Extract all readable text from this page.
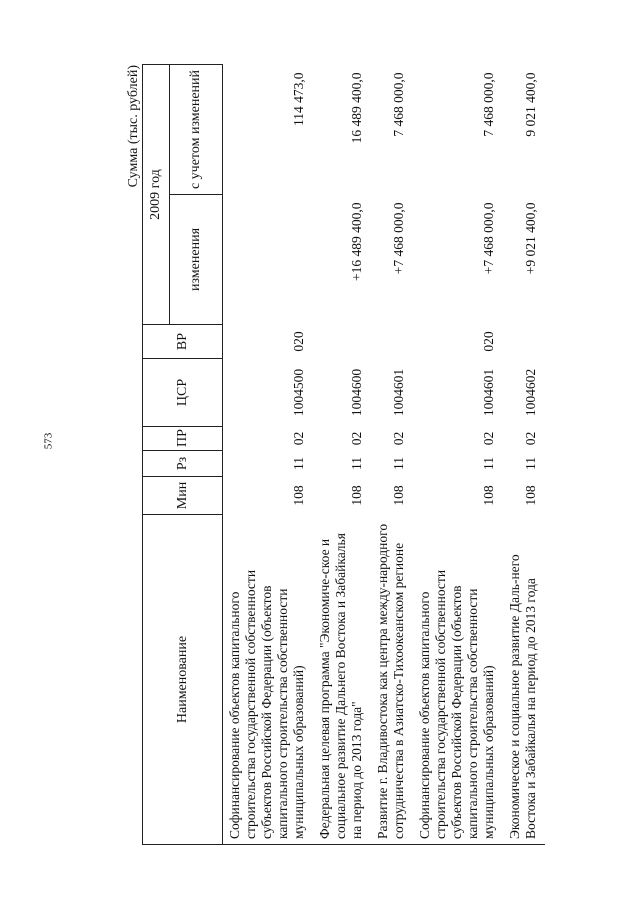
573
Сумма (тыс. рублей)
Наименование	Мин	Рз	ПР	ЦСР	ВР	2009 год	
						изменения	с учетом изменений
Софинансирование объектов капитального строительства государственной собственности субъектов Российской Федерации (объектов капитального строительства собственности муниципальных образований)	108	11	02	1004500	020		114 473,0
Федеральная целевая программа "Экономиче-ское и социальное развитие Дальнего Востока и Забайкалья на период до 2013 года"	108	11	02	1004600		+16 489 400,0	16 489 400,0
Развитие г. Владивостока как центра между-народного сотрудничества в Азиатско-Тихоокеанском регионе	108	11	02	1004601		+7 468 000,0	7 468 000,0
Софинансирование объектов капитального строительства государственной собственности субъектов Российской Федерации (объектов капитального строительства собственности муниципальных образований)	108	11	02	1004601	020	+7 468 000,0	7 468 000,0
Экономическое и социальное развитие Даль-него Востока и Забайкалья на период до 2013 года	108	11	02	1004602		+9 021 400,0	9 021 400,0
